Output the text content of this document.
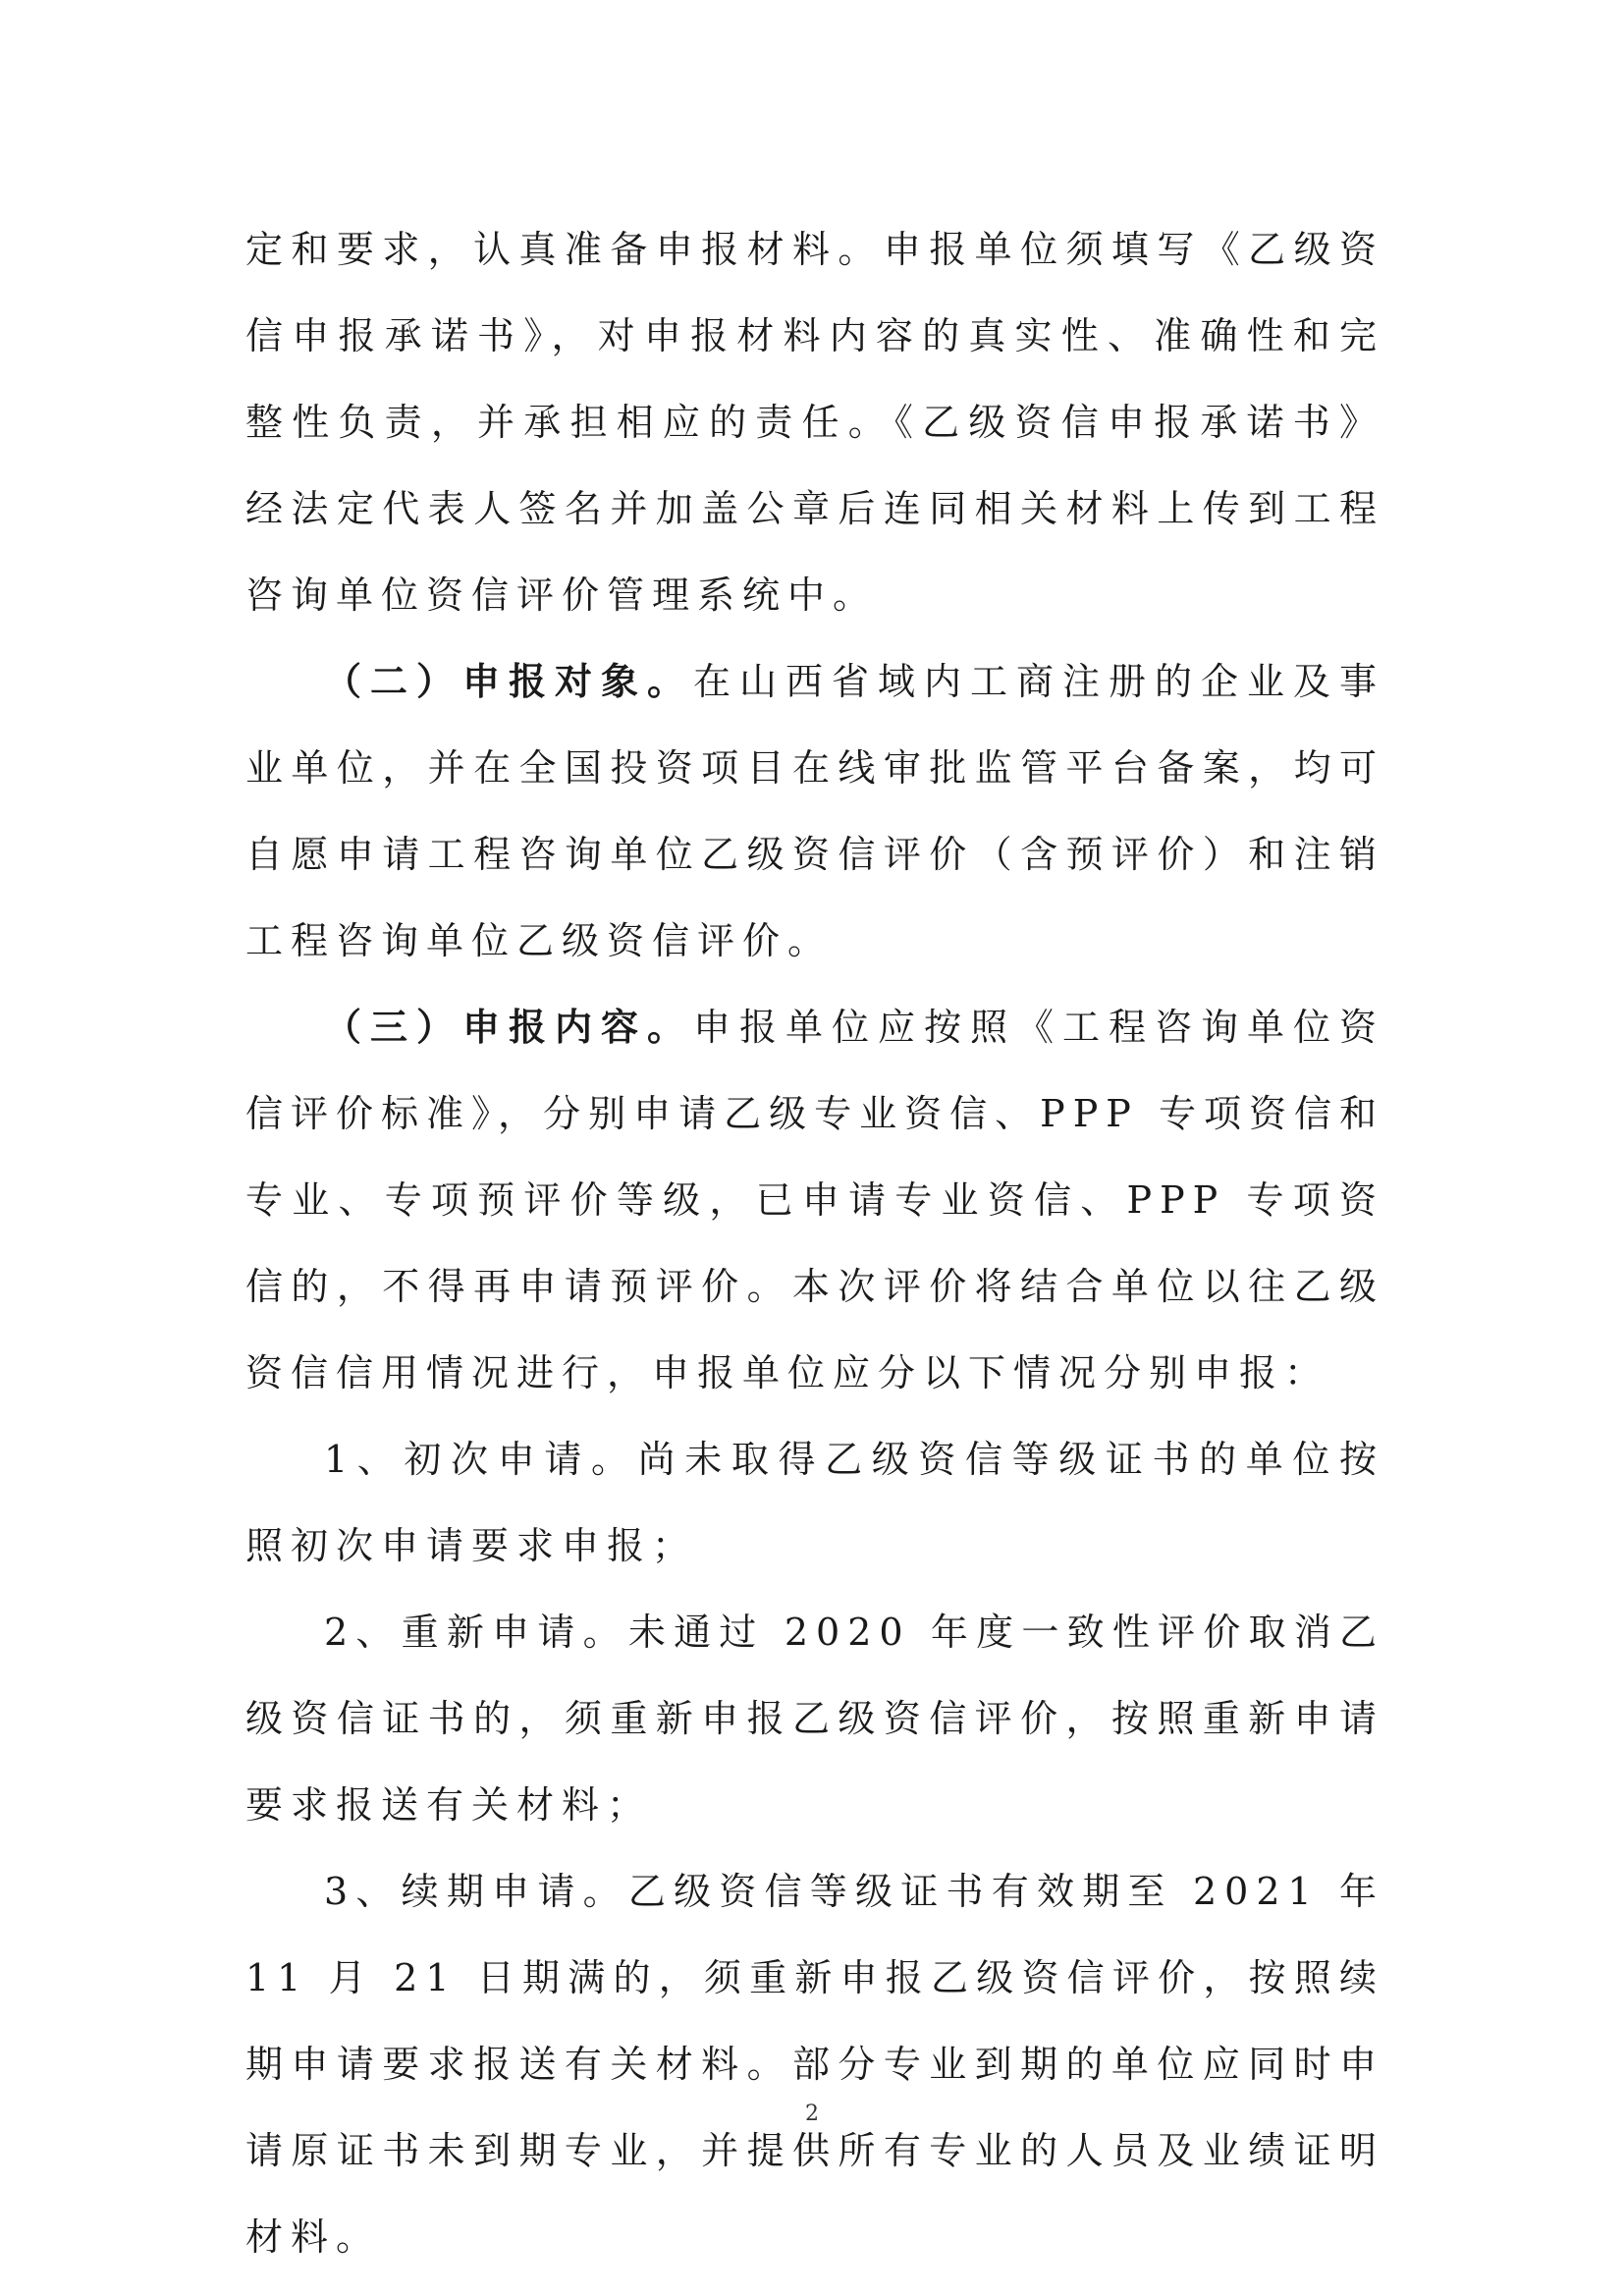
定和要求，认真准备申报材料。申报单位须填写《乙级资信申报承诺书》，对申报材料内容的真实性、准确性和完整性负责，并承担相应的责任。《乙级资信申报承诺书》经法定代表人签名并加盖公章后连同相关材料上传到工程咨询单位资信评价管理系统中。

（二）申报对象。在山西省域内工商注册的企业及事业单位，并在全国投资项目在线审批监管平台备案，均可自愿申请工程咨询单位乙级资信评价（含预评价）和注销工程咨询单位乙级资信评价。

（三）申报内容。申报单位应按照《工程咨询单位资信评价标准》，分别申请乙级专业资信、PPP 专项资信和专业、专项预评价等级，已申请专业资信、PPP 专项资信的，不得再申请预评价。本次评价将结合单位以往乙级资信信用情况进行，申报单位应分以下情况分别申报：

1、初次申请。尚未取得乙级资信等级证书的单位按照初次申请要求申报；

2、重新申请。未通过 2020 年度一致性评价取消乙级资信证书的，须重新申报乙级资信评价，按照重新申请要求报送有关材料；

3、续期申请。乙级资信等级证书有效期至 2021 年 11 月 21 日期满的，须重新申报乙级资信评价，按照续期申请要求报送有关材料。部分专业到期的单位应同时申请原证书未到期专业，并提供所有专业的人员及业绩证明材料。

2
